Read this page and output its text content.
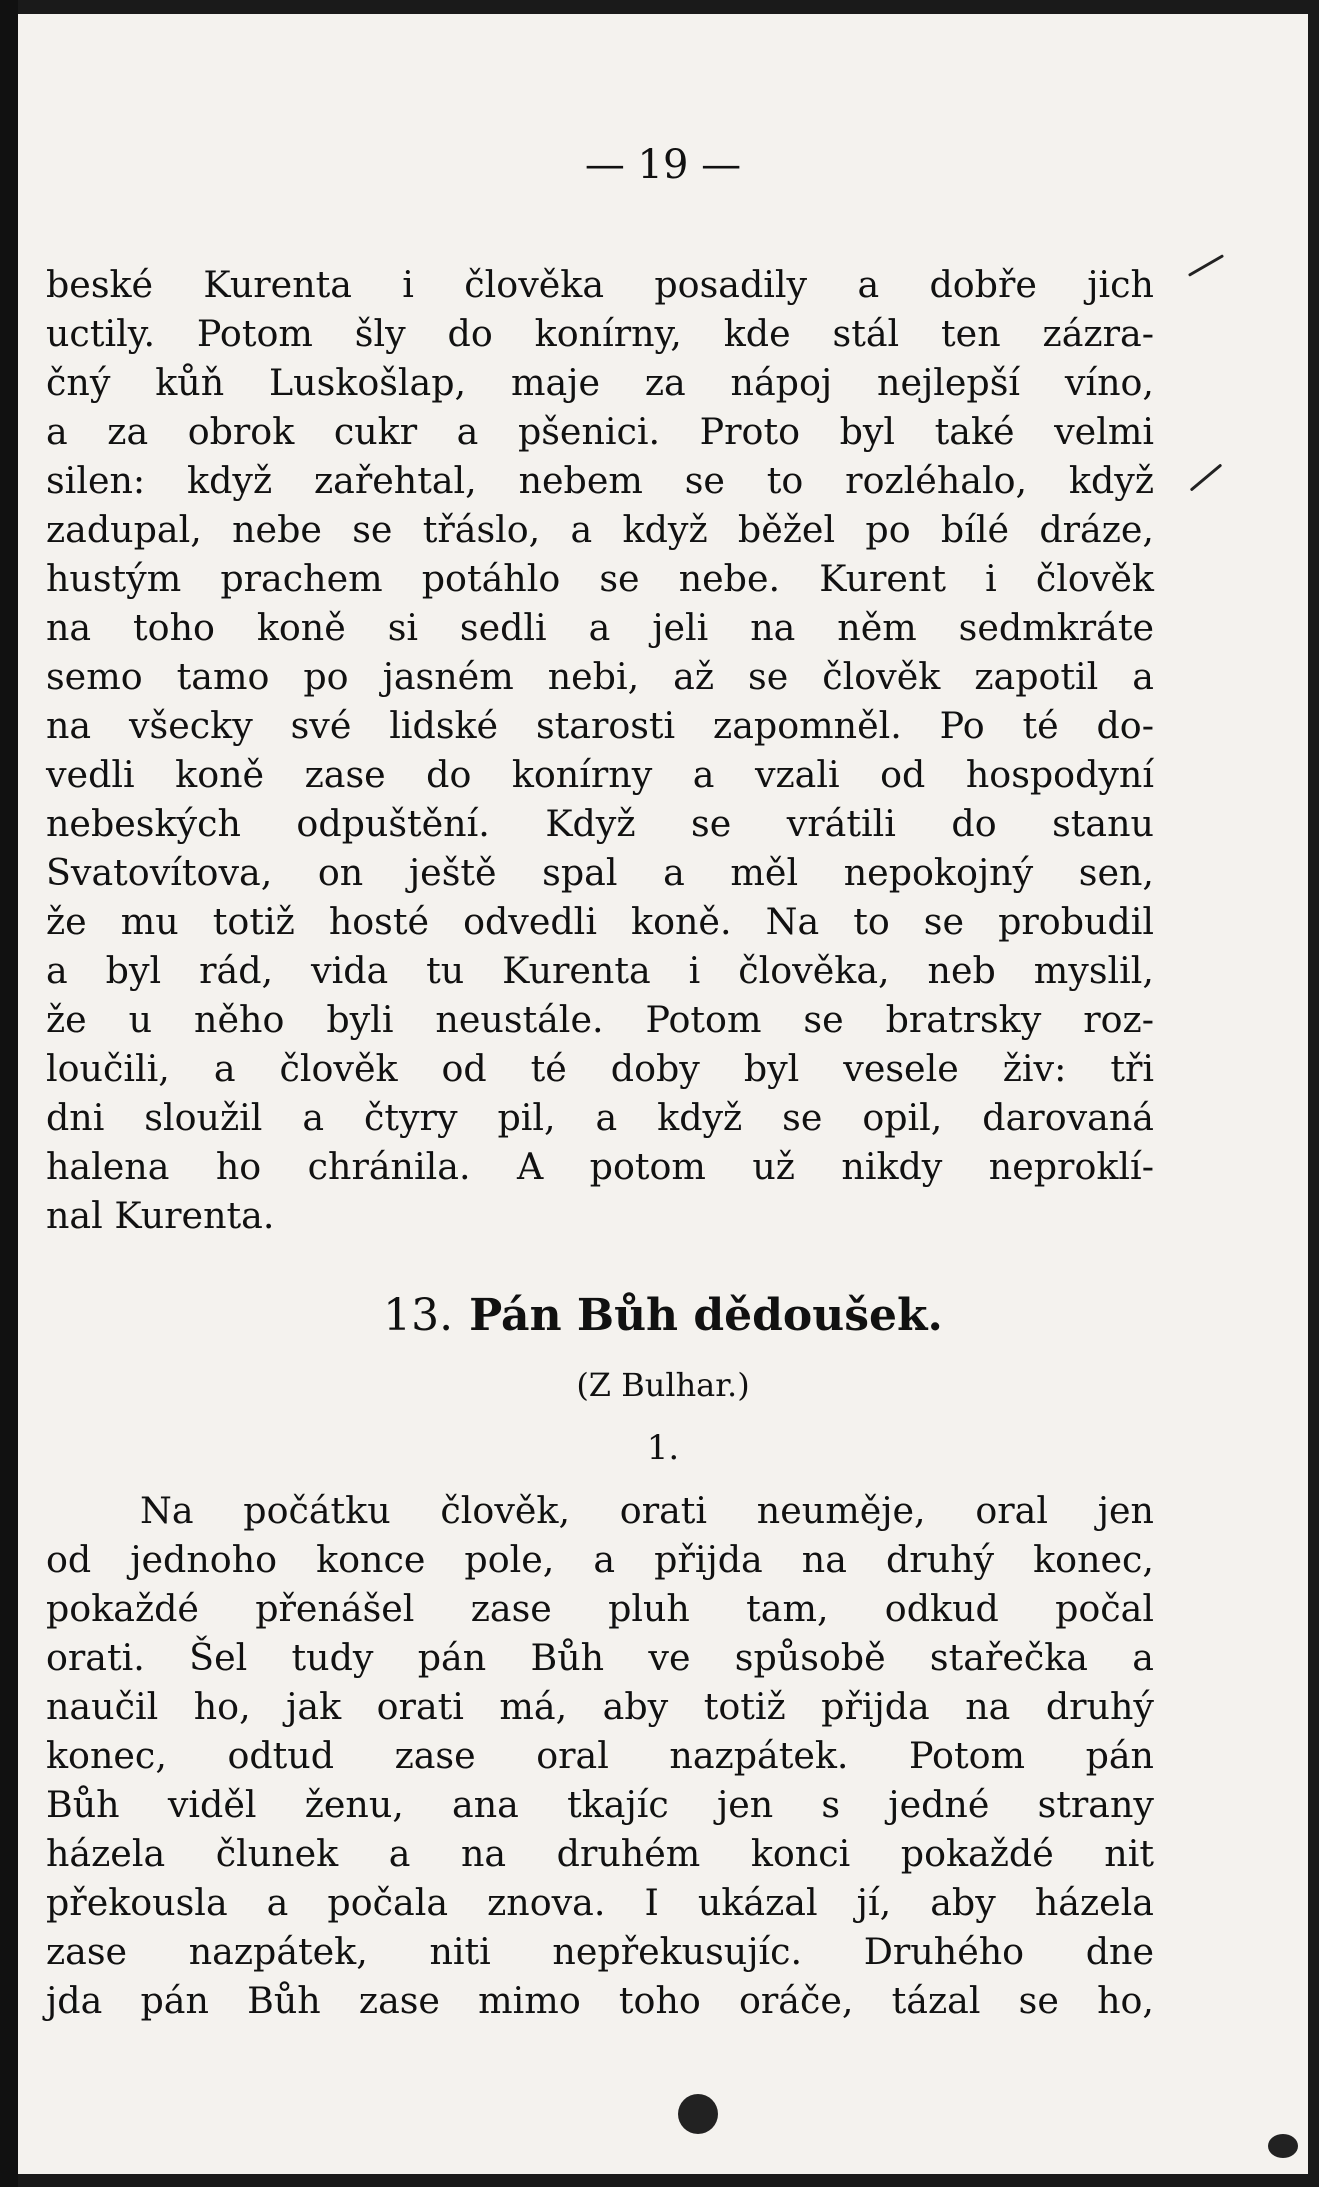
— 19 —
beské Kurenta i člověka posadily a dobře jich
uctily. Potom šly do konírny, kde stál ten zázra-
čný kůň Luskošlap, maje za nápoj nejlepší víno,
a za obrok cukr a pšenici. Proto byl také velmi
silen: když zařehtal, nebem se to rozléhalo, když
zadupal, nebe se třáslo, a když běžel po bílé dráze,
hustým prachem potáhlo se nebe. Kurent i člověk
na toho koně si sedli a jeli na něm sedmkráte
semo tamo po jasném nebi, až se člověk zapotil a
na všecky své lidské starosti zapomněl. Po té do-
vedli koně zase do konírny a vzali od hospodyní
nebeských odpuštění. Když se vrátili do stanu
Svatovítova, on ještě spal a měl nepokojný sen,
že mu totiž hosté odvedli koně. Na to se probudil
a byl rád, vida tu Kurenta i člověka, neb myslil,
že u něho byli neustále. Potom se bratrsky roz-
loučili, a člověk od té doby byl vesele živ: tři
dni sloužil a čtyry pil, a když se opil, darovaná
halena ho chránila. A potom už nikdy neproklí-
nal Kurenta.
13. Pán Bůh dědoušek.
(Z Bulhar.)
1.
Na počátku člověk, orati neuměje, oral jen
od jednoho konce pole, a přijda na druhý konec,
pokaždé přenášel zase pluh tam, odkud počal
orati. Šel tudy pán Bůh ve spůsobě stařečka a
naučil ho, jak orati má, aby totiž přijda na druhý
konec, odtud zase oral nazpátek. Potom pán
Bůh viděl ženu, ana tkajíc jen s jedné strany
házela člunek a na druhém konci pokaždé nit
překousla a počala znova. I ukázal jí, aby házela
zase nazpátek, niti nepřekusujíc. Druhého dne
jda pán Bůh zase mimo toho oráče, tázal se ho,
